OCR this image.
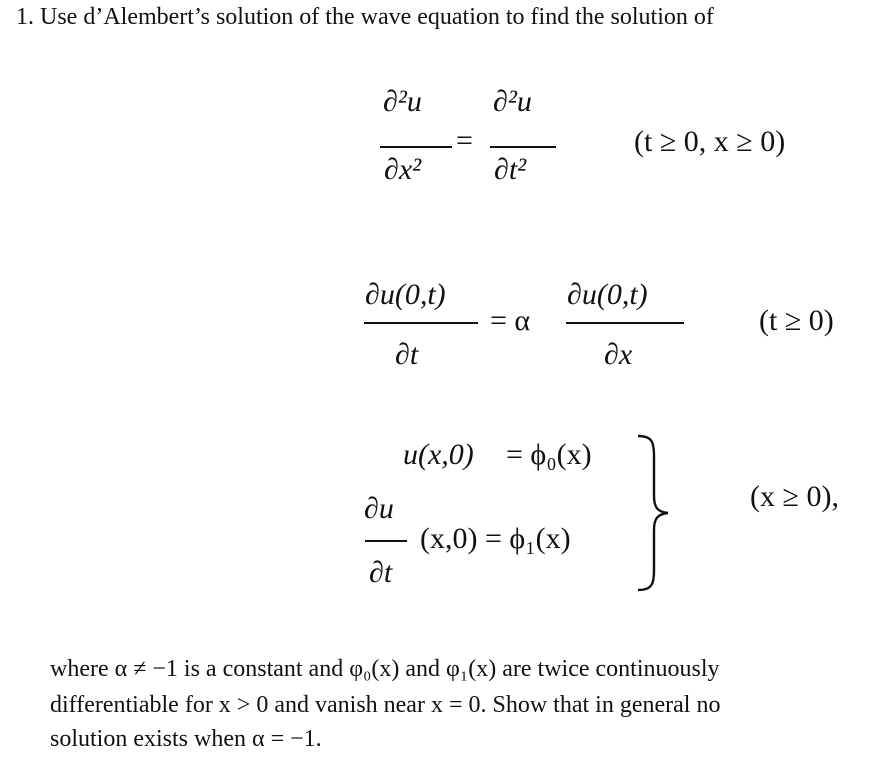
1. Use d’Alembert’s solution of the wave equation to find the solution of
∂²u
∂x²
=
∂²u
∂t²
(t ≥ 0, x ≥ 0)
∂u(0,t)
∂t
= α
∂u(0,t)
∂x
(t ≥ 0)
u(x,0) = ϕ₀(x)
∂u
∂t
(x,0) = ϕ₁(x)
(x ≥ 0),
where α ≠ −1 is a constant and φ₀(x) and φ₁(x) are twice continuously
differentiable for x > 0 and vanish near x = 0. Show that in general no
solution exists when α = −1.
